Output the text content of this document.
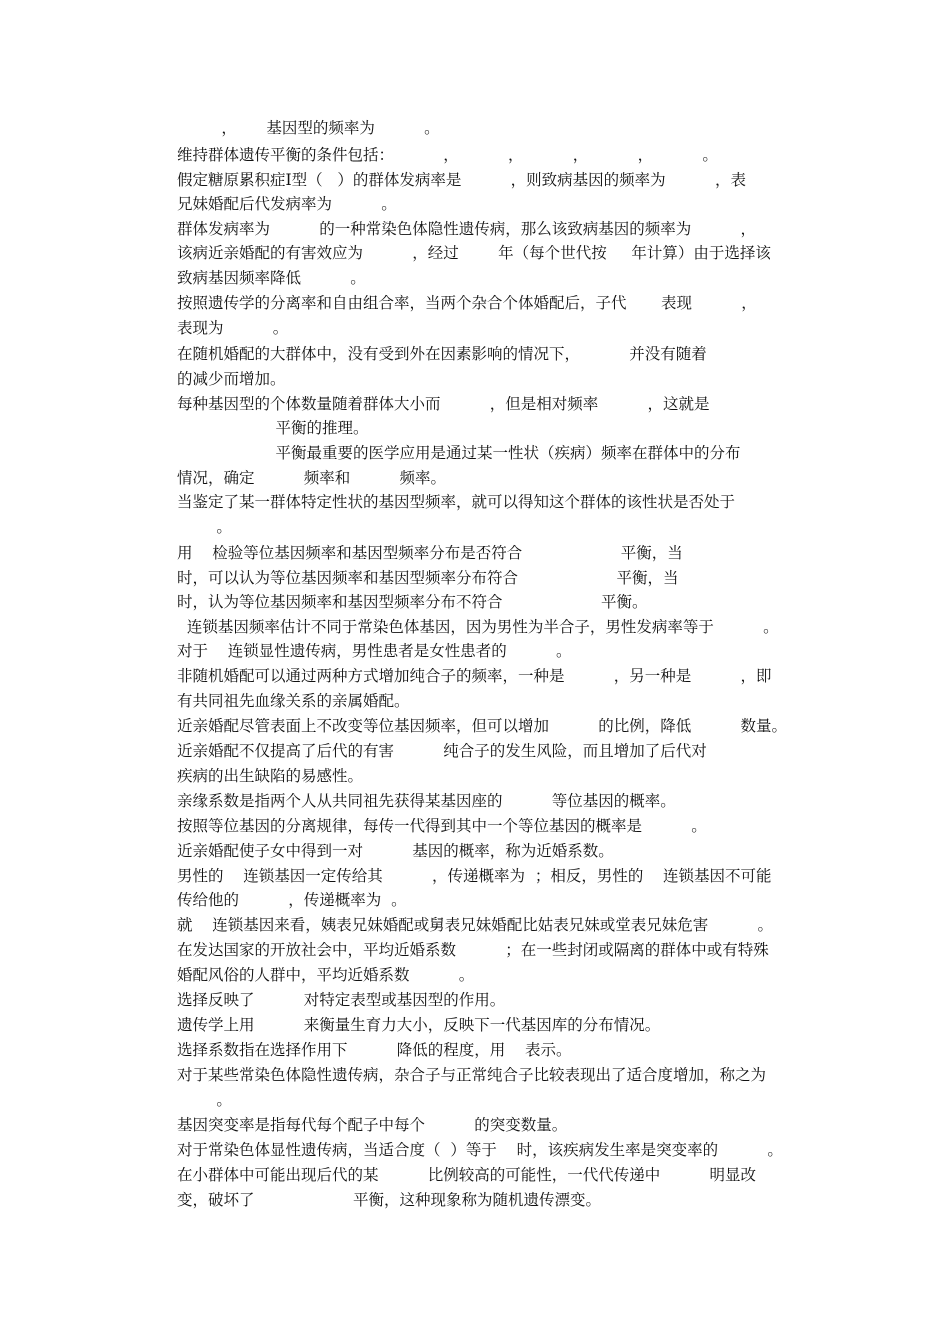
，      基因型的频率为          。
维持群体遗传平衡的条件包括：          ，          ，          ，          ，          。
假定糖原累积症Ⅰ型（   ）的群体发病率是          ，则致病基因的频率为          ，表
兄妹婚配后代发病率为          。
群体发病率为          的一种常染色体隐性遗传病，那么该致病基因的频率为          ，
该病近亲婚配的有害效应为          ，经过        年（每个世代按     年计算）由于选择该
致病基因频率降低          。
按照遗传学的分离率和自由组合率，当两个杂合个体婚配后，子代       表现          ，
表现为          。
在随机婚配的大群体中，没有受到外在因素影响的情况下，          并没有随着
的减少而增加。
每种基因型的个体数量随着群体大小而          ，但是相对频率          ，这就是
平衡的推理。
平衡最重要的医学应用是通过某一性状（疾病）频率在群体中的分布
情况，确定          频率和          频率。
当鉴定了某一群体特定性状的基因型频率，就可以得知这个群体的该性状是否处于
。
用    检验等位基因频率和基因型频率分布是否符合                    平衡，当
时，可以认为等位基因频率和基因型频率分布符合                    平衡，当
时，认为等位基因频率和基因型频率分布不符合                    平衡。
连锁基因频率估计不同于常染色体基因，因为男性为半合子，男性发病率等于          。
对于    连锁显性遗传病，男性患者是女性患者的          。
非随机婚配可以通过两种方式增加纯合子的频率，一种是          ，另一种是          ，即
有共同祖先血缘关系的亲属婚配。
近亲婚配尽管表面上不改变等位基因频率，但可以增加          的比例，降低          数量。
近亲婚配不仅提高了后代的有害          纯合子的发生风险，而且增加了后代对
疾病的出生缺陷的易感性。
亲缘系数是指两个人从共同祖先获得某基因座的          等位基因的概率。
按照等位基因的分离规律，每传一代得到其中一个等位基因的概率是          。
近亲婚配使子女中得到一对          基因的概率，称为近婚系数。
男性的    连锁基因一定传给其          ，传递概率为  ；相反，男性的    连锁基因不可能
传给他的          ，传递概率为  。
就    连锁基因来看，姨表兄妹婚配或舅表兄妹婚配比姑表兄妹或堂表兄妹危害          。
在发达国家的开放社会中，平均近婚系数          ；在一些封闭或隔离的群体中或有特殊
婚配风俗的人群中，平均近婚系数          。
选择反映了          对特定表型或基因型的作用。
遗传学上用          来衡量生育力大小，反映下一代基因库的分布情况。
选择系数指在选择作用下          降低的程度，用    表示。
对于某些常染色体隐性遗传病，杂合子与正常纯合子比较表现出了适合度增加，称之为
。
基因突变率是指每代每个配子中每个          的突变数量。
对于常染色体显性遗传病，当适合度（  ）等于    时，该疾病发生率是突变率的          。
在小群体中可能出现后代的某          比例较高的可能性，一代代传递中          明显改
变，破坏了                    平衡，这种现象称为随机遗传漂变。
